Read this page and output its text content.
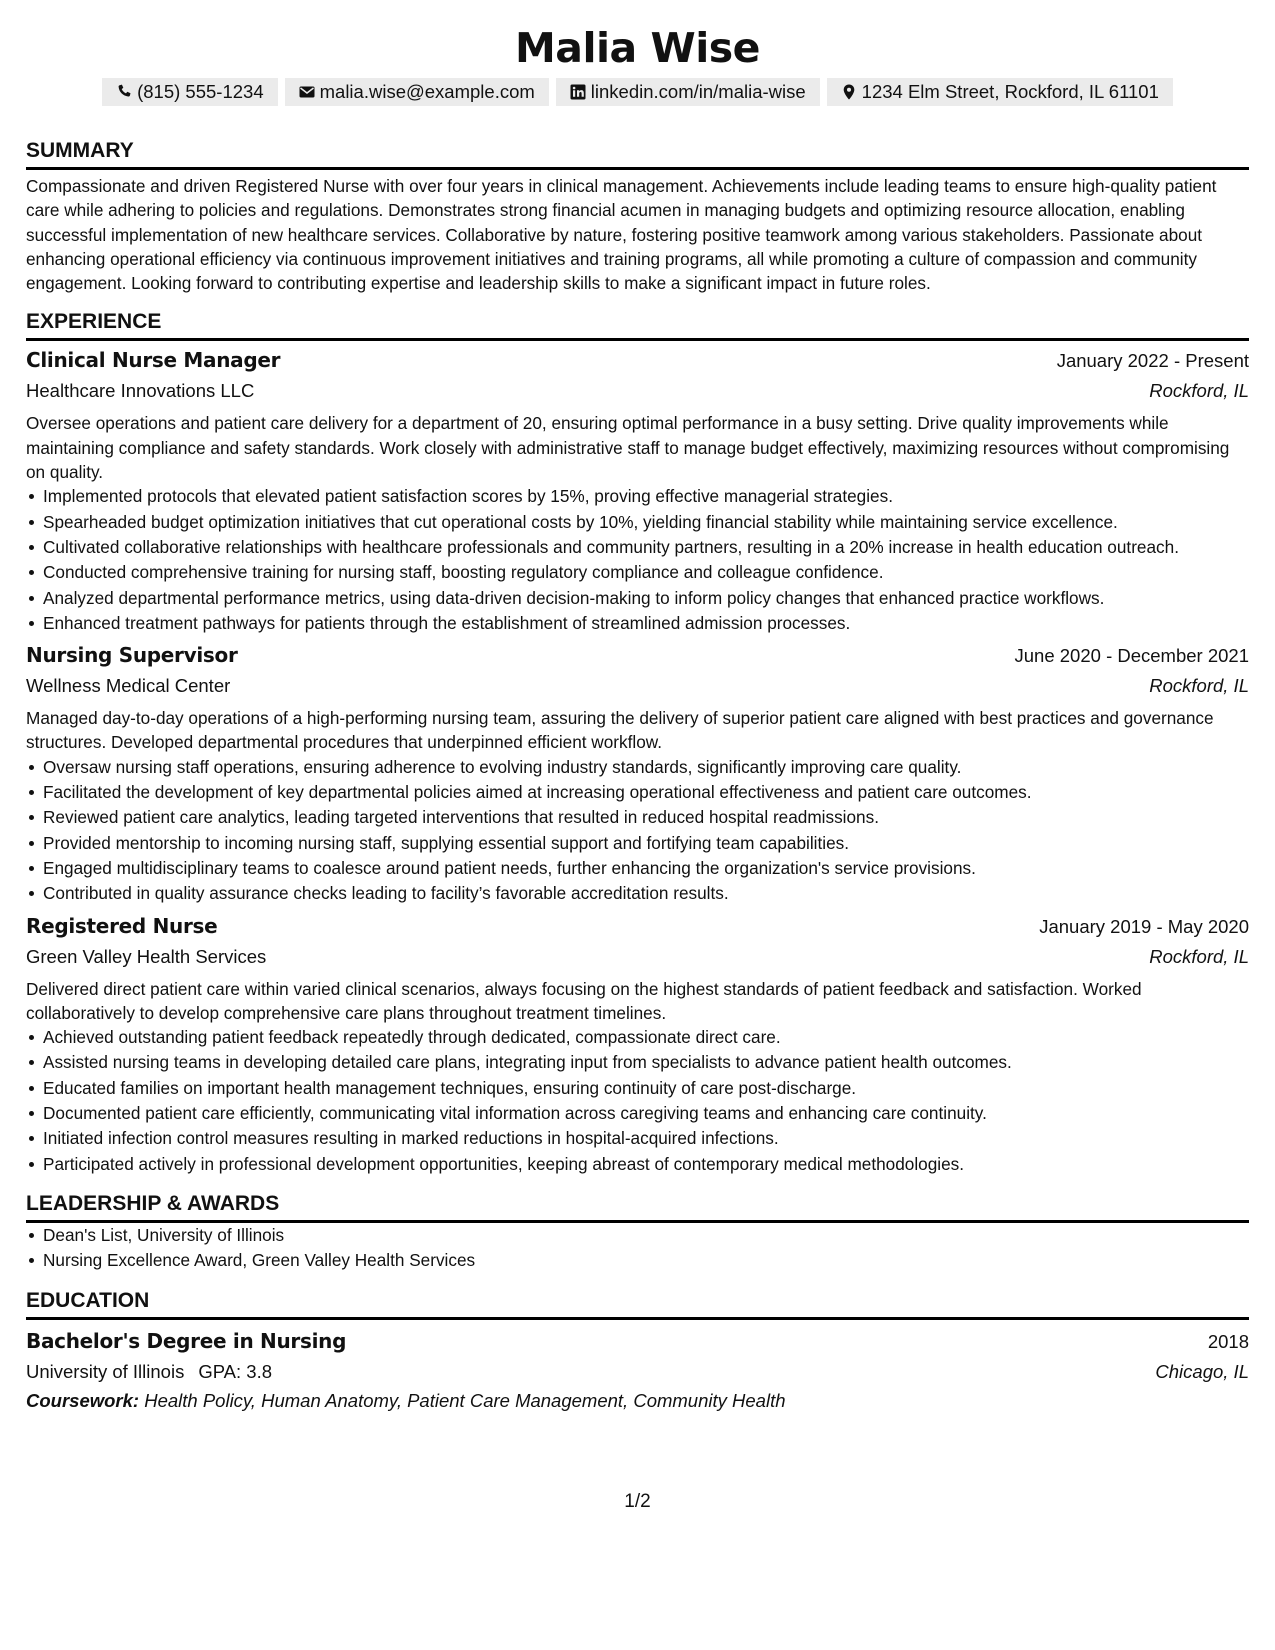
Malia Wise
(815) 555-1234	malia.wise@example.com	linkedin.com/in/malia-wise	1234 Elm Street, Rockford, IL 61101
SUMMARY

Compassionate and driven Registered Nurse with over four years in clinical management. Achievements include leading teams to ensure high-quality patient care while adhering to policies and regulations. Demonstrates strong financial acumen in managing budgets and optimizing resource allocation, enabling successful implementation of new healthcare services. Collaborative by nature, fostering positive teamwork among various stakeholders. Passionate about enhancing operational efficiency via continuous improvement initiatives and training programs, all while promoting a culture of compassion and community engagement. Looking forward to contributing expertise and leadership skills to make a significant impact in future roles.

EXPERIENCE
Clinical Nurse Manager	January 2022 - Present
Healthcare Innovations LLC	Rockford, IL

Oversee operations and patient care delivery for a department of 20, ensuring optimal performance in a busy setting. Drive quality improvements while maintaining compliance and safety standards. Work closely with administrative staff to manage budget effectively, maximizing resources without compromising on quality.

Implemented protocols that elevated patient satisfaction scores by 15%, proving effective managerial strategies.
Spearheaded budget optimization initiatives that cut operational costs by 10%, yielding financial stability while maintaining service excellence.
Cultivated collaborative relationships with healthcare professionals and community partners, resulting in a 20% increase in health education outreach.
Conducted comprehensive training for nursing staff, boosting regulatory compliance and colleague confidence.
Analyzed departmental performance metrics, using data-driven decision-making to inform policy changes that enhanced practice workflows.
Enhanced treatment pathways for patients through the establishment of streamlined admission processes.
Nursing Supervisor	June 2020 - December 2021
Wellness Medical Center	Rockford, IL

Managed day-to-day operations of a high-performing nursing team, assuring the delivery of superior patient care aligned with best practices and governance structures. Developed departmental procedures that underpinned efficient workflow.

Oversaw nursing staff operations, ensuring adherence to evolving industry standards, significantly improving care quality.
Facilitated the development of key departmental policies aimed at increasing operational effectiveness and patient care outcomes.
Reviewed patient care analytics, leading targeted interventions that resulted in reduced hospital readmissions.
Provided mentorship to incoming nursing staff, supplying essential support and fortifying team capabilities.
Engaged multidisciplinary teams to coalesce around patient needs, further enhancing the organization's service provisions.
Contributed in quality assurance checks leading to facility’s favorable accreditation results.
Registered Nurse	January 2019 - May 2020
Green Valley Health Services	Rockford, IL

Delivered direct patient care within varied clinical scenarios, always focusing on the highest standards of patient feedback and satisfaction. Worked collaboratively to develop comprehensive care plans throughout treatment timelines.

Achieved outstanding patient feedback repeatedly through dedicated, compassionate direct care.
Assisted nursing teams in developing detailed care plans, integrating input from specialists to advance patient health outcomes.
Educated families on important health management techniques, ensuring continuity of care post-discharge.
Documented patient care efficiently, communicating vital information across caregiving teams and enhancing care continuity.
Initiated infection control measures resulting in marked reductions in hospital-acquired infections.
Participated actively in professional development opportunities, keeping abreast of contemporary medical methodologies.
LEADERSHIP & AWARDS
Dean's List, University of Illinois
Nursing Excellence Award, Green Valley Health Services
EDUCATION
Bachelor's Degree in Nursing	2018
University of Illinois GPA: 3.8	Chicago, IL
Coursework: Health Policy, Human Anatomy, Patient Care Management, Community Health
1/2
